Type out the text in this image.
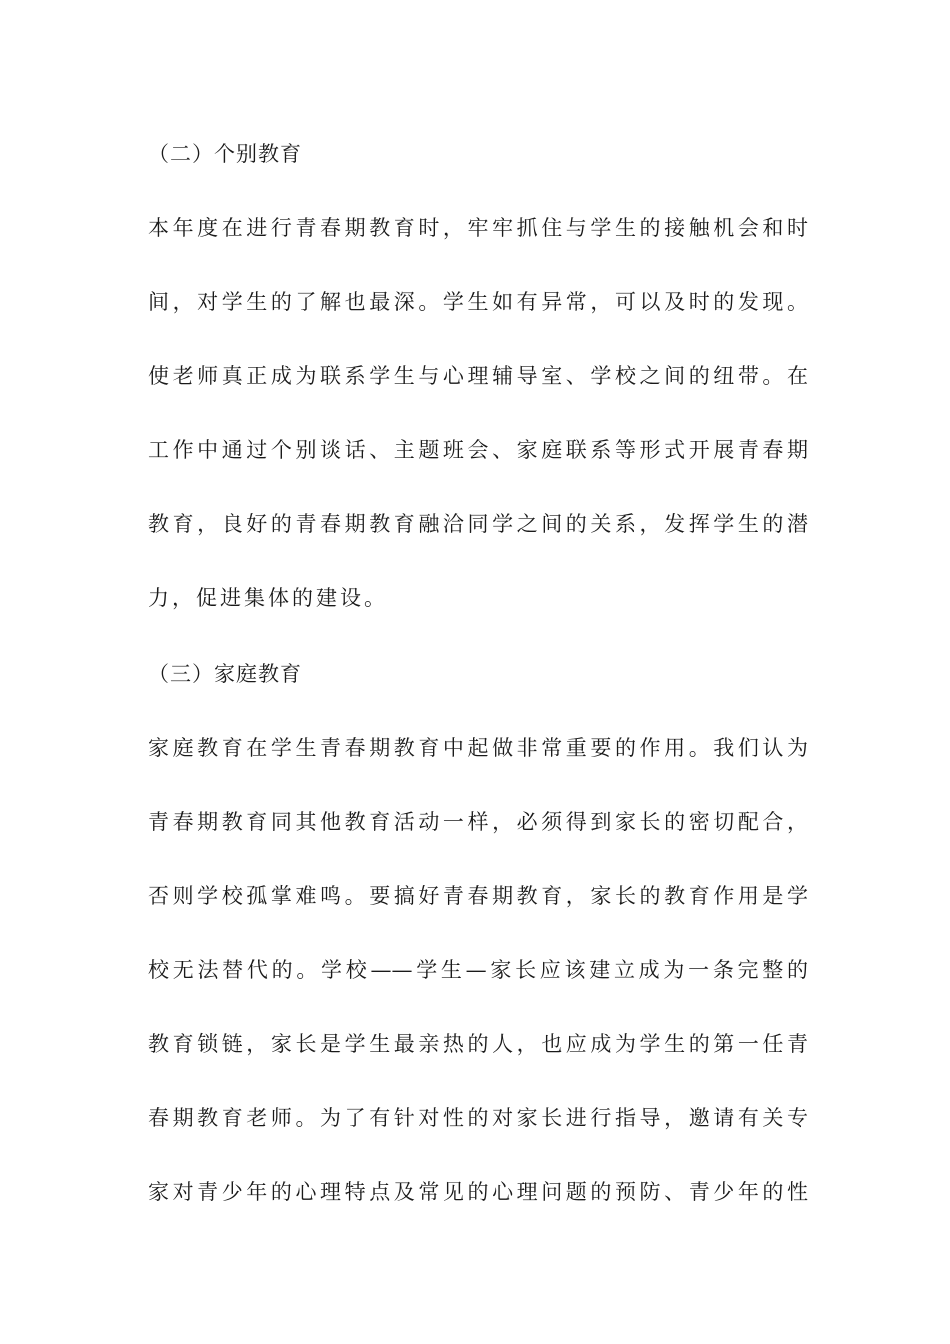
（二）个别教育
本年度在进行青春期教育时，牢牢抓住与学生的接触机会和时
间，对学生的了解也最深。学生如有异常，可以及时的发现。
使老师真正成为联系学生与心理辅导室、学校之间的纽带。在
工作中通过个别谈话、主题班会、家庭联系等形式开展青春期
教育，良好的青春期教育融洽同学之间的关系，发挥学生的潜
力，促进集体的建设。
（三）家庭教育
家庭教育在学生青春期教育中起做非常重要的作用。我们认为
青春期教育同其他教育活动一样，必须得到家长的密切配合，
否则学校孤掌难鸣。要搞好青春期教育，家长的教育作用是学
校无法替代的。学校——学生—家长应该建立成为一条完整的
教育锁链，家长是学生最亲热的人，也应成为学生的第一任青
春期教育老师。为了有针对性的对家长进行指导，邀请有关专
家对青少年的心理特点及常见的心理问题的预防、青少年的性
